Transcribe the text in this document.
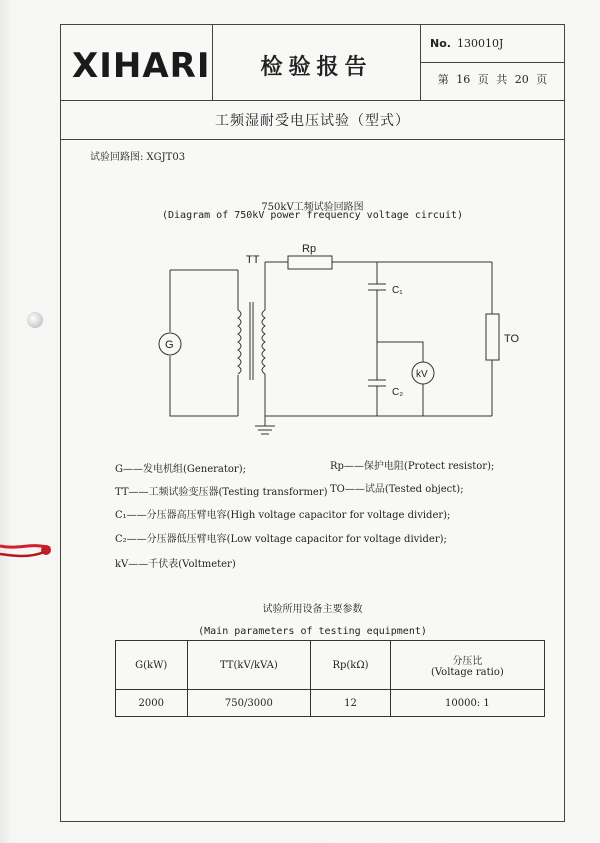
XIHARI	检验报告
No. 130010J
第 16 页 共 20 页
工频湿耐受电压试验（型式）
试验回路图: XGJT03
750kV工频试验回路图
(Diagram of 750kV power frequency voltage circuit)
TT
Rp
C₁
G	TO
kV
C₂
G——发电机组(Generator);	Rp——保护电阻(Protect resistor);
TT——工频试验变压器(Testing transformer) TO——试品(Tested object);
C₁——分压器高压臂电容(High voltage capacitor for voltage divider);
C₂——分压器低压臂电容(Low voltage capacitor for voltage divider);
kV——千伏表(Voltmeter)
试验所用设备主要参数
(Main parameters of testing equipment)
G(kW)	TT(kV/kVA)	Rp(kΩ)	分压比
(Voltage ratio)

2000	750/3000	12	10000: 1
